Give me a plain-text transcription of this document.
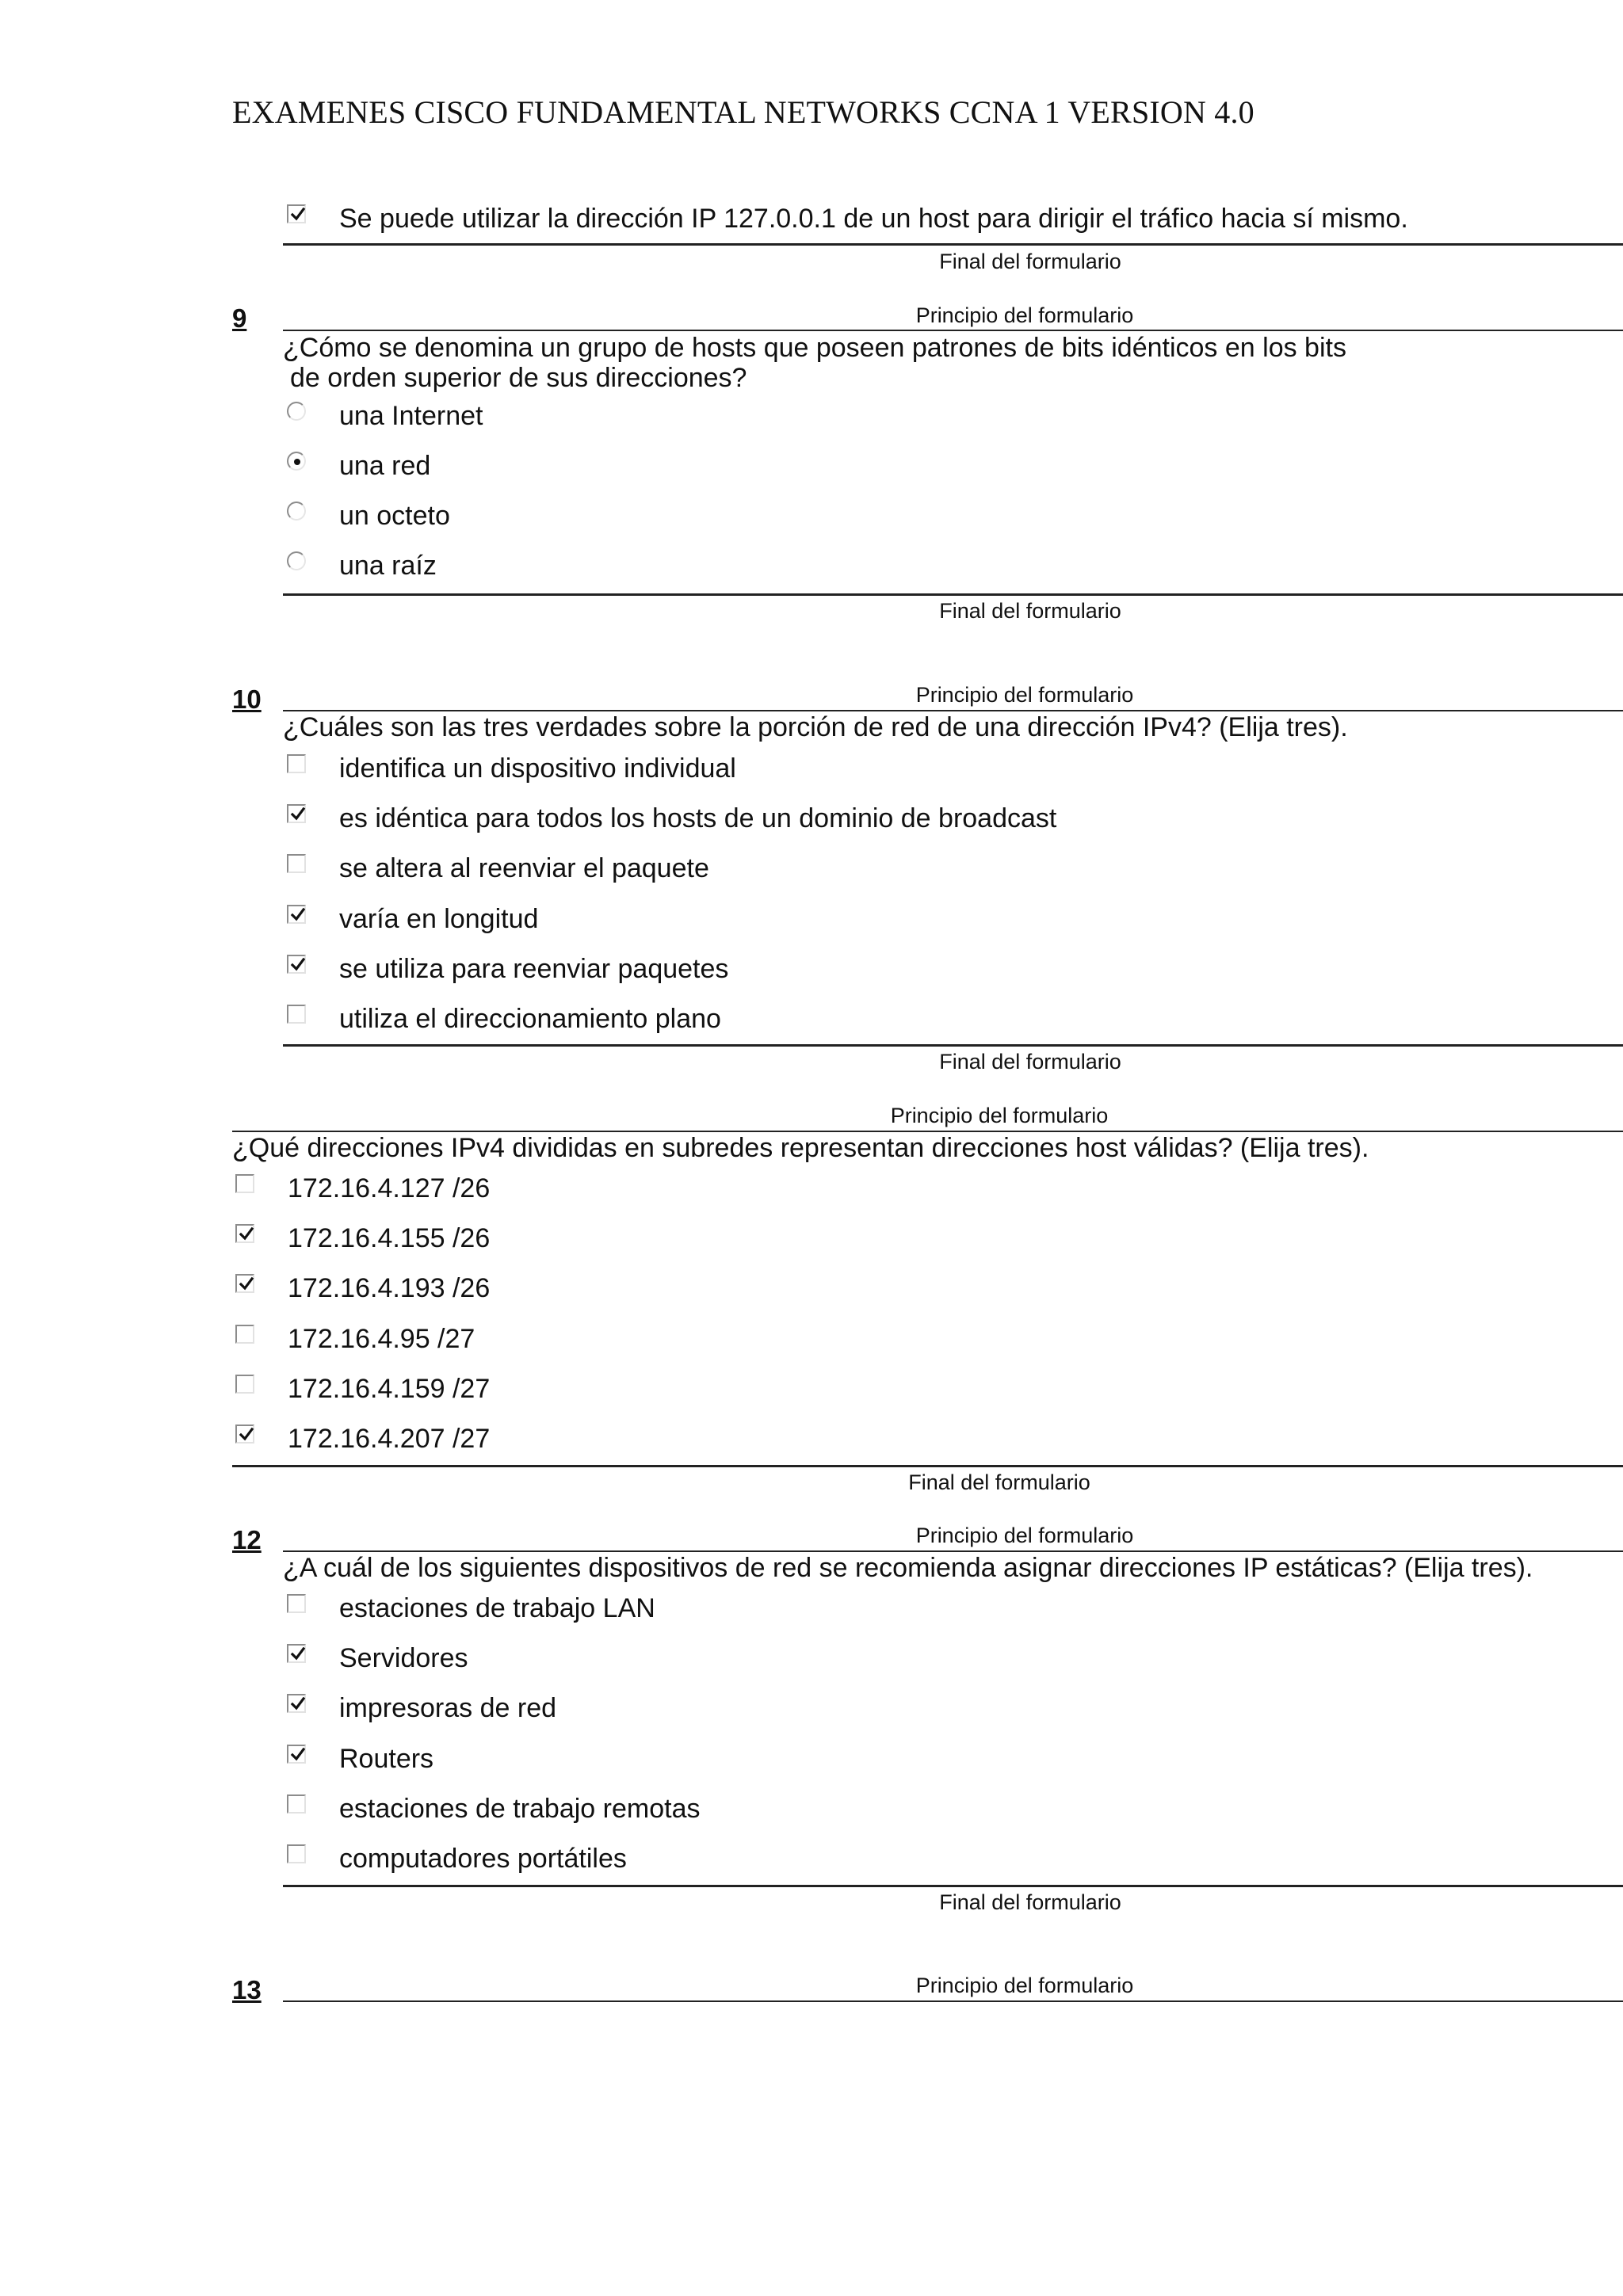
EXAMENES CISCO FUNDAMENTAL NETWORKS CCNA 1 VERSION 4.0
Se puede utilizar la dirección IP 127.0.0.1 de un host para dirigir el tráfico hacia sí mismo.
Final del formulario
9	Principio del formulario
¿Cómo se denomina un grupo de hosts que poseen patrones de bits idénticos en los bits
de orden superior de sus direcciones?
una Internet
una red
un octeto
una raíz
Final del formulario
10	Principio del formulario
¿Cuáles son las tres verdades sobre la porción de red de una dirección IPv4? (Elija tres).
identifica un dispositivo individual
es idéntica para todos los hosts de un dominio de broadcast
se altera al reenviar el paquete
varía en longitud
se utiliza para reenviar paquetes
utiliza el direccionamiento plano
Final del formulario
Principio del formulario
¿Qué direcciones IPv4 divididas en subredes representan direcciones host válidas? (Elija tres).
172.16.4.127 /26
172.16.4.155 /26
172.16.4.193 /26
172.16.4.95 /27
172.16.4.159 /27
172.16.4.207 /27
Final del formulario
12	Principio del formulario
¿A cuál de los siguientes dispositivos de red se recomienda asignar direcciones IP estáticas? (Elija tres).
estaciones de trabajo LAN
Servidores
impresoras de red
Routers
estaciones de trabajo remotas
computadores portátiles
Final del formulario
13	Principio del formulario
